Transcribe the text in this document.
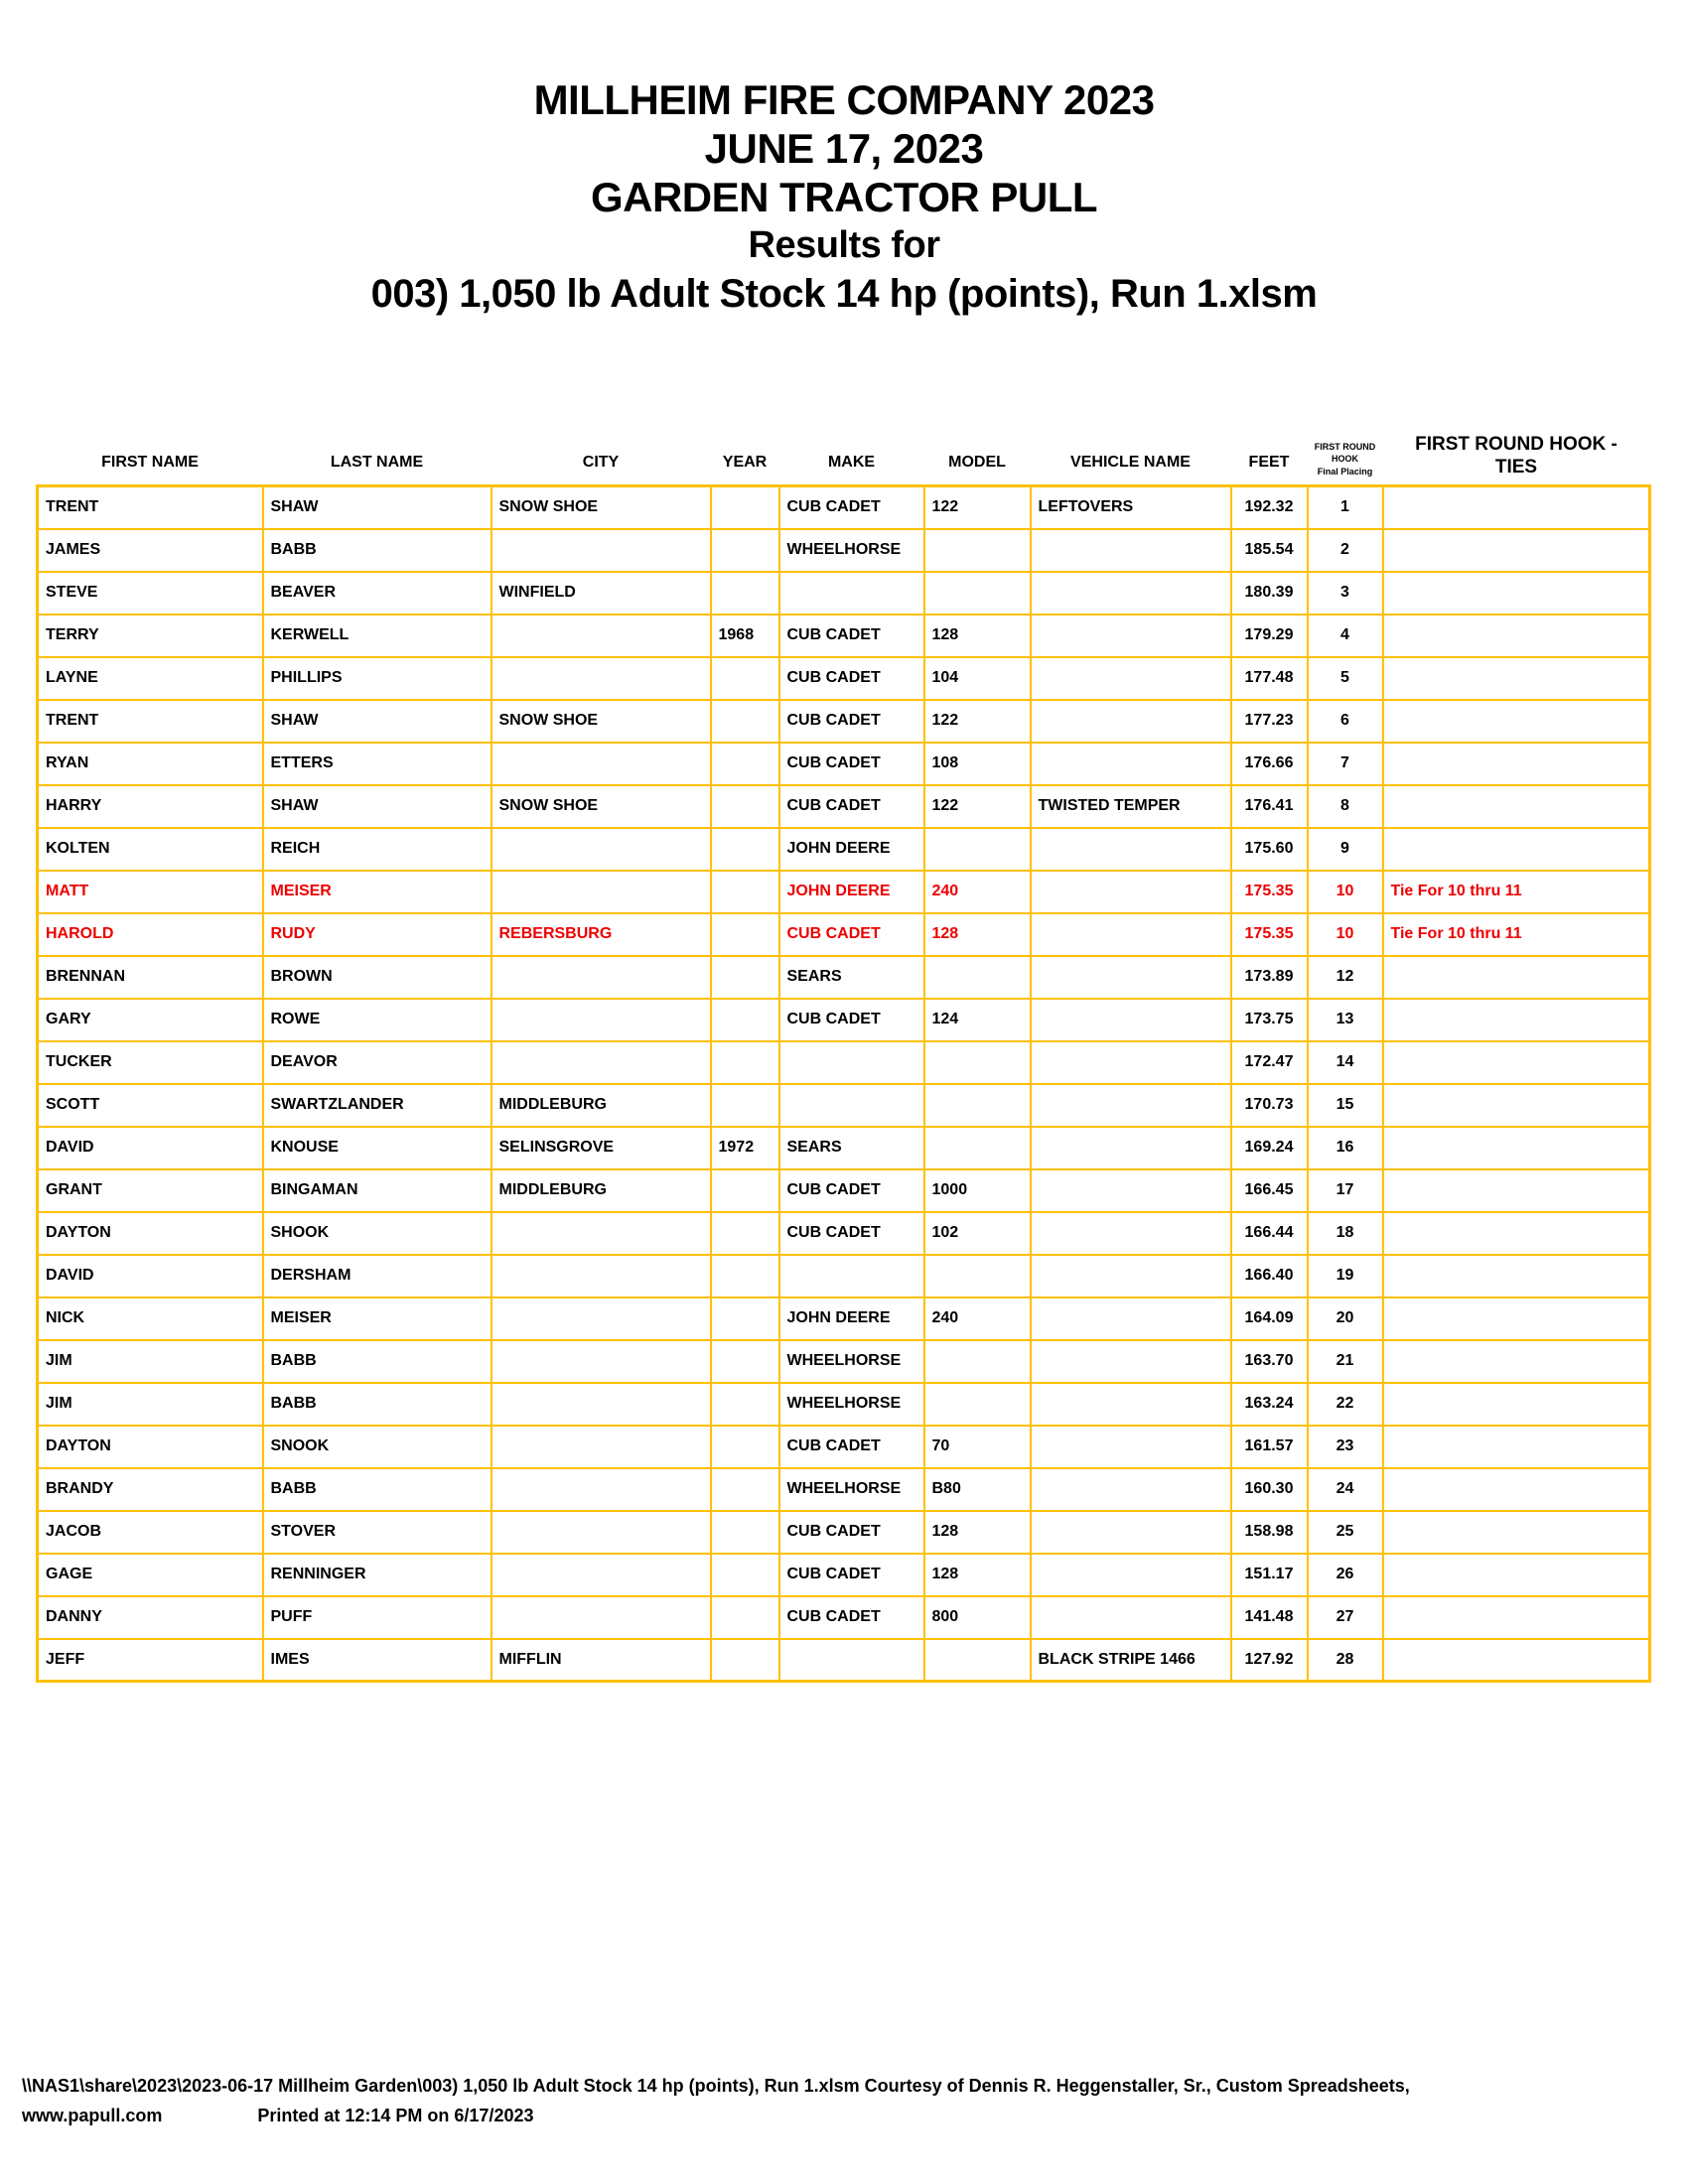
MILLHEIM FIRE COMPANY 2023
JUNE 17, 2023
GARDEN TRACTOR PULL
Results for
003) 1,050 lb Adult Stock 14 hp (points), Run 1.xlsm
FIRST NAME	LAST NAME	CITY	YEAR	MAKE	MODEL	VEHICLE NAME	FEET	FIRST ROUND HOOK
Final Placing	FIRST ROUND HOOK - TIES

TRENT	SHAW	SNOW SHOE		CUB CADET	122	LEFTOVERS	192.32	1	
JAMES	BABB			WHEELHORSE			185.54	2	
STEVE	BEAVER	WINFIELD					180.39	3	
TERRY	KERWELL		1968	CUB CADET	128		179.29	4	
LAYNE	PHILLIPS			CUB CADET	104		177.48	5	
TRENT	SHAW	SNOW SHOE		CUB CADET	122		177.23	6	
RYAN	ETTERS			CUB CADET	108		176.66	7	
HARRY	SHAW	SNOW SHOE		CUB CADET	122	TWISTED TEMPER	176.41	8	
KOLTEN	REICH			JOHN DEERE			175.60	9	
MATT	MEISER			JOHN DEERE	240		175.35	10	Tie For 10 thru 11
HAROLD	RUDY	REBERSBURG		CUB CADET	128		175.35	10	Tie For 10 thru 11
BRENNAN	BROWN			SEARS			173.89	12	
GARY	ROWE			CUB CADET	124		173.75	13	
TUCKER	DEAVOR						172.47	14	
SCOTT	SWARTZLANDER	MIDDLEBURG					170.73	15	
DAVID	KNOUSE	SELINSGROVE	1972	SEARS			169.24	16	
GRANT	BINGAMAN	MIDDLEBURG		CUB CADET	1000		166.45	17	
DAYTON	SHOOK			CUB CADET	102		166.44	18	
DAVID	DERSHAM						166.40	19	
NICK	MEISER			JOHN DEERE	240		164.09	20	
JIM	BABB			WHEELHORSE			163.70	21	
JIM	BABB			WHEELHORSE			163.24	22	
DAYTON	SNOOK			CUB CADET	70		161.57	23	
BRANDY	BABB			WHEELHORSE	B80		160.30	24	
JACOB	STOVER			CUB CADET	128		158.98	25	
GAGE	RENNINGER			CUB CADET	128		151.17	26	
DANNY	PUFF			CUB CADET	800		141.48	27	
JEFF	IMES	MIFFLIN				BLACK STRIPE 1466	127.92	28	
\\NAS1\share\2023\2023-06-17 Millheim Garden\003) 1,050 lb Adult Stock 14 hp (points), Run 1.xlsm Courtesy of Dennis R. Heggenstaller, Sr., Custom Spreadsheets,
www.papull.com	Printed at 12:14 PM on 6/17/2023
